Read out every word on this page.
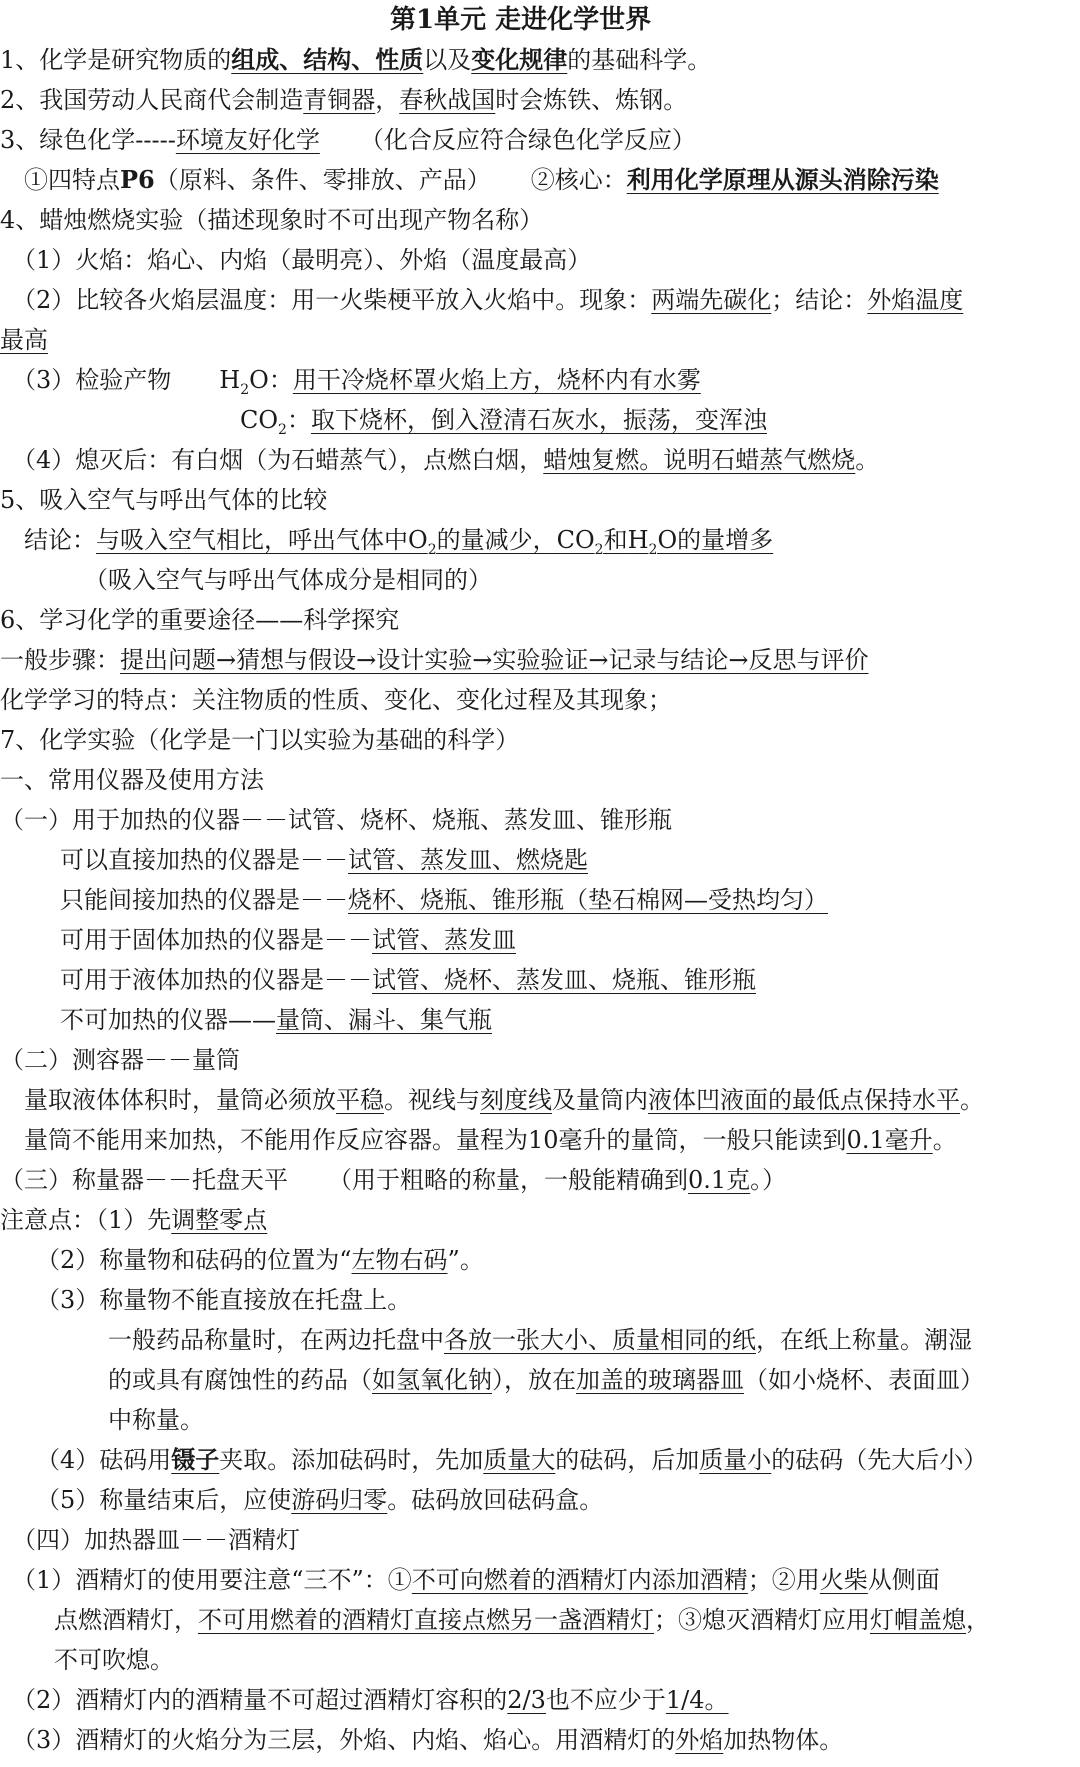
第1单元 走进化学世界
1、化学是研究物质的组成、结构、性质以及变化规律的基础科学。
2、我国劳动人民商代会制造青铜器，春秋战国时会炼铁、炼钢。
3、绿色化学-----环境友好化学 （化合反应符合绿色化学反应）
①四特点P6（原料、条件、零排放、产品） ②核心：利用化学原理从源头消除污染
4、蜡烛燃烧实验（描述现象时不可出现产物名称）
（1）火焰：焰心、内焰（最明亮）、外焰（温度最高）
（2）比较各火焰层温度：用一火柴梗平放入火焰中。现象：两端先碳化；结论：外焰温度
最高
（3）检验产物 $H_2O$：用干冷烧杯罩火焰上方，烧杯内有水雾
$CO_2$：取下烧杯，倒入澄清石灰水，振荡，变浑浊
（4）熄灭后：有白烟（为石蜡蒸气），点燃白烟，蜡烛复燃。说明石蜡蒸气燃烧。
5、吸入空气与呼出气体的比较
结论：与吸入空气相比，呼出气体中$O_2$的量减少，$CO_2$和$H_2O$的量增多
（吸入空气与呼出气体成分是相同的）
6、学习化学的重要途径——科学探究
一般步骤：提出问题→猜想与假设→设计实验→实验验证→记录与结论→反思与评价
化学学习的特点：关注物质的性质、变化、变化过程及其现象；
7、化学实验（化学是一门以实验为基础的科学）
一、常用仪器及使用方法
（一）用于加热的仪器－－试管、烧杯、烧瓶、蒸发皿、锥形瓶
可以直接加热的仪器是－－试管、蒸发皿、燃烧匙
只能间接加热的仪器是－－烧杯、烧瓶、锥形瓶（垫石棉网—受热均匀）
可用于固体加热的仪器是－－试管、蒸发皿
可用于液体加热的仪器是－－试管、烧杯、蒸发皿、烧瓶、锥形瓶
不可加热的仪器——量筒、漏斗、集气瓶
（二）测容器－－量筒
量取液体体积时，量筒必须放平稳。视线与刻度线及量筒内液体凹液面的最低点保持水平。
量筒不能用来加热，不能用作反应容器。量程为10毫升的量筒，一般只能读到0.1毫升。
（三）称量器－－托盘天平 （用于粗略的称量，一般能精确到0.1克。）
注意点：（1）先调整零点
（2）称量物和砝码的位置为“左物右码”。
（3）称量物不能直接放在托盘上。
一般药品称量时，在两边托盘中各放一张大小、质量相同的纸，在纸上称量。潮湿
的或具有腐蚀性的药品（如氢氧化钠），放在加盖的玻璃器皿（如小烧杯、表面皿）
中称量。
（4）砝码用镊子夹取。添加砝码时，先加质量大的砝码，后加质量小的砝码（先大后小）
（5）称量结束后，应使游码归零。砝码放回砝码盒。
（四）加热器皿－－酒精灯
（1）酒精灯的使用要注意“三不”：①不可向燃着的酒精灯内添加酒精；②用火柴从侧面
点燃酒精灯，不可用燃着的酒精灯直接点燃另一盏酒精灯；③熄灭酒精灯应用灯帽盖熄，
不可吹熄。
（2）酒精灯内的酒精量不可超过酒精灯容积的2/3也不应少于1/4。
（3）酒精灯的火焰分为三层，外焰、内焰、焰心。用酒精灯的外焰加热物体。
